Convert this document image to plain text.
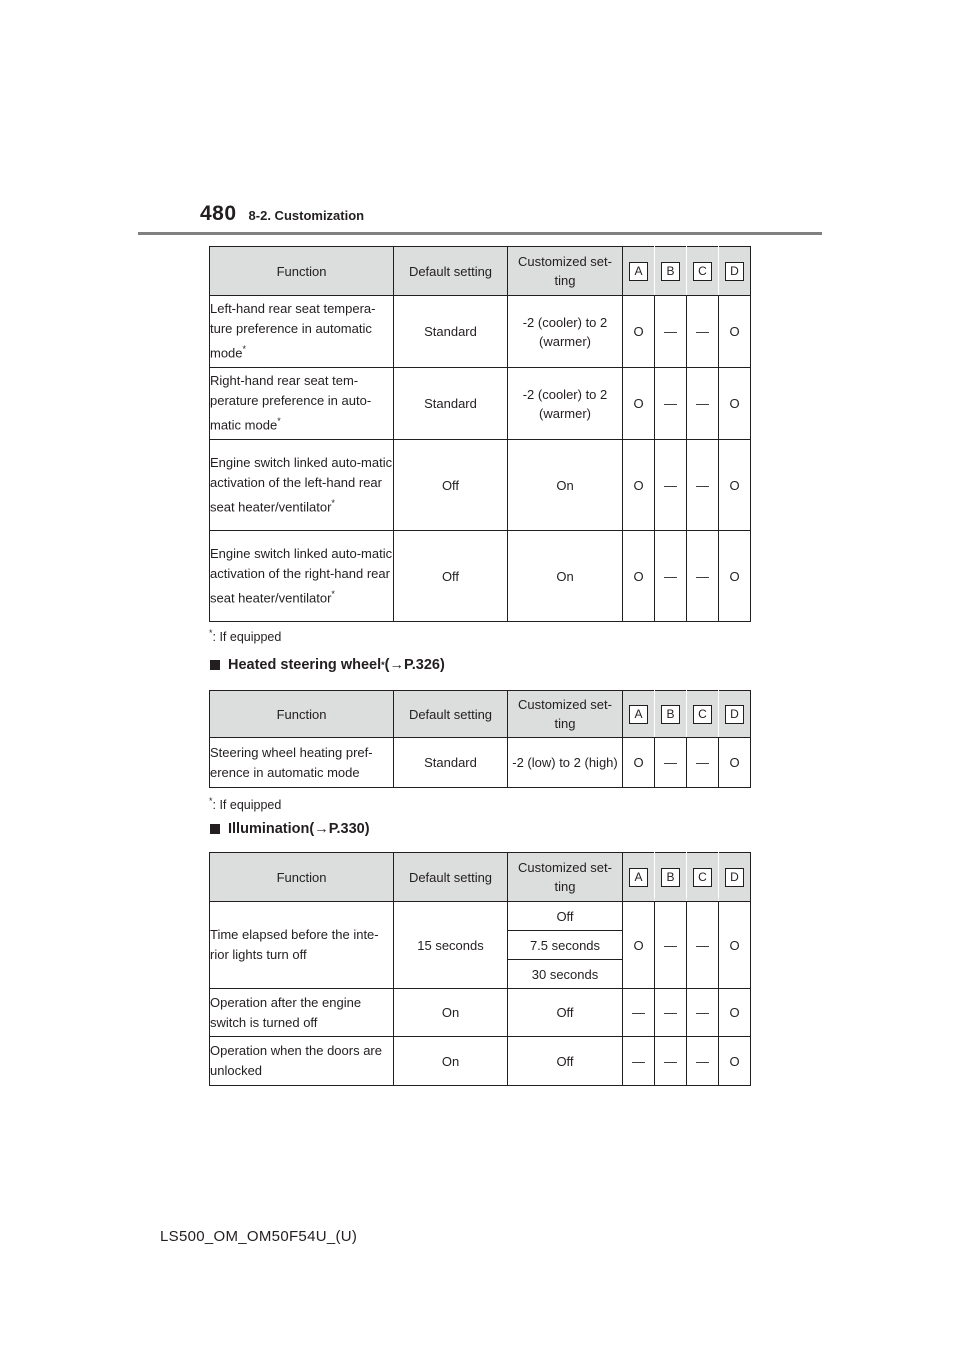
480 8-2. Customization
Function	Default setting	Customized set-ting	A	B	C	D
Left-hand rear seat tempera-ture preference in automatic mode*	Standard	-2 (cooler) to 2 (warmer)	O	—	—	O
Right-hand rear seat tem-perature preference in auto-matic mode*	Standard	-2 (cooler) to 2 (warmer)	O	—	—	O
Engine switch linked auto-matic activation of the left-hand rear seat heater/ventilator*	Off	On	O	—	—	O
Engine switch linked auto-matic activation of the right-hand rear seat heater/ventilator*	Off	On	O	—	—	O
*: If equipped
Heated steering wheel * (→P.326)
Function	Default setting	Customized set-ting	A	B	C	D
Steering wheel heating pref-erence in automatic mode	Standard	-2 (low) to 2 (high)	O	—	—	O
*: If equipped
Illumination (→P.330)
Function	Default setting	Customized set-ting	A	B	C	D
Time elapsed before the inte-rior lights turn off	15 seconds	Off	O	—	—	O
		7.5 seconds				
		30 seconds				
Operation after the engine switch is turned off	On	Off	—	—	—	O
Operation when the doors are unlocked	On	Off	—	—	—	O
LS500_OM_OM50F54U_(U)
